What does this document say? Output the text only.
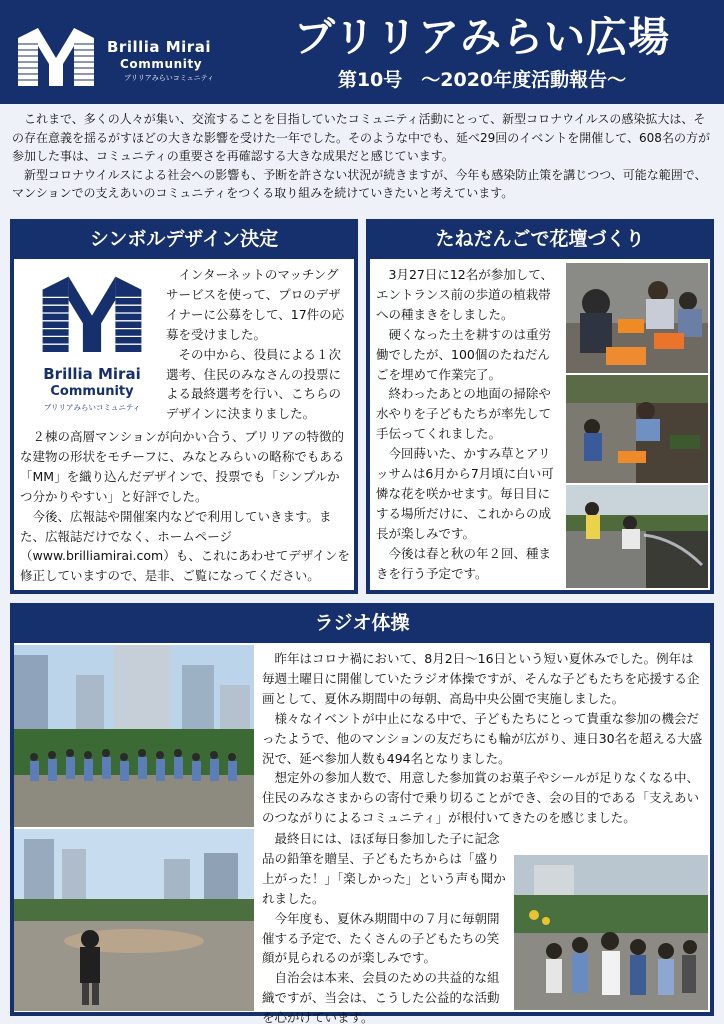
Brillia Mirai
Community
ブリリアみらいコミュニティ
ブリリアみらい広場
第10号　～2020年度活動報告～

これまで、多くの人々が集い、交流することを目指していたコミュニティ活動にとって、新型コロナウイルスの感染拡大は、その存在意義を揺るがすほどの大きな影響を受けた一年でした。そのような中でも、延べ29回のイベントを開催して、608名の方が参加した事は、コミュニティの重要さを再確認する大きな成果だと感じています。

新型コロナウイルスによる社会への影響も、予断を許さない状況が続きますが、今年も感染防止策を講じつつ、可能な範囲で、マンションでの支えあいのコミュニティをつくる取り組みを続けていきたいと考えています。

シンボルデザイン決定
Brillia Mirai
Community
ブリリアみらいコミュニティ

インターネットのマッチングサービスを使って、プロのデザイナーに公募をして、17件の応募を受けました。

その中から、役員による１次選考、住民のみなさんの投票による最終選考を行い、こちらのデザインに決まりました。

２棟の高層マンションが向かい合う、ブリリアの特徴的な建物の形状をモチーフに、みなとみらいの略称でもある「MM」を織り込んだデザインで、投票でも「シンプルかつ分かりやすい」と好評でした。

今後、広報誌や開催案内などで利用していきます。また、広報誌だけでなく、ホームページ（www.brilliamirai.com）も、これにあわせてデザインを修正していますので、是非、ご覧になってください。

たねだんごで花壇づくり

3月27日に12名が参加して、エントランス前の歩道の植栽帯への種まきをしました。

硬くなった土を耕すのは重労働でしたが、100個のたねだんごを埋めて作業完了。

終わったあとの地面の掃除や水やりを子どもたちが率先して手伝ってくれました。

今回蒔いた、かすみ草とアリッサムは6月から7月頃に白い可憐な花を咲かせます。毎日目にする場所だけに、これからの成長が楽しみです。

今後は春と秋の年２回、種まきを行う予定です。

ラジオ体操

昨年はコロナ禍において、8月2日～16日という短い夏休みでした。例年は毎週土曜日に開催していたラジオ体操ですが、そんな子どもたちを応援する企画として、夏休み期間中の毎朝、高島中央公園で実施しました。

様々なイベントが中止になる中で、子どもたちにとって貴重な参加の機会だったようで、他のマンションの友だちにも輪が広がり、連日30名を超える大盛況で、延べ参加人数も494名となりました。

想定外の参加人数で、用意した参加賞のお菓子やシールが足りなくなる中、住民のみなさまからの寄付で乗り切ることができ、会の目的である「支えあいのつながりによるコミュニティ」が根付いてきたのを感じました。

最終日には、ほぼ毎日参加した子に記念品の鉛筆を贈呈、子どもたちからは「盛り上がった！」「楽しかった」という声も聞かれました。

今年度も、夏休み期間中の７月に毎朝開催する予定で、たくさんの子どもたちの笑顔が見られるのが楽しみです。

自治会は本来、会員のための共益的な組織ですが、当会は、こうした公益的な活動を心がけています。
